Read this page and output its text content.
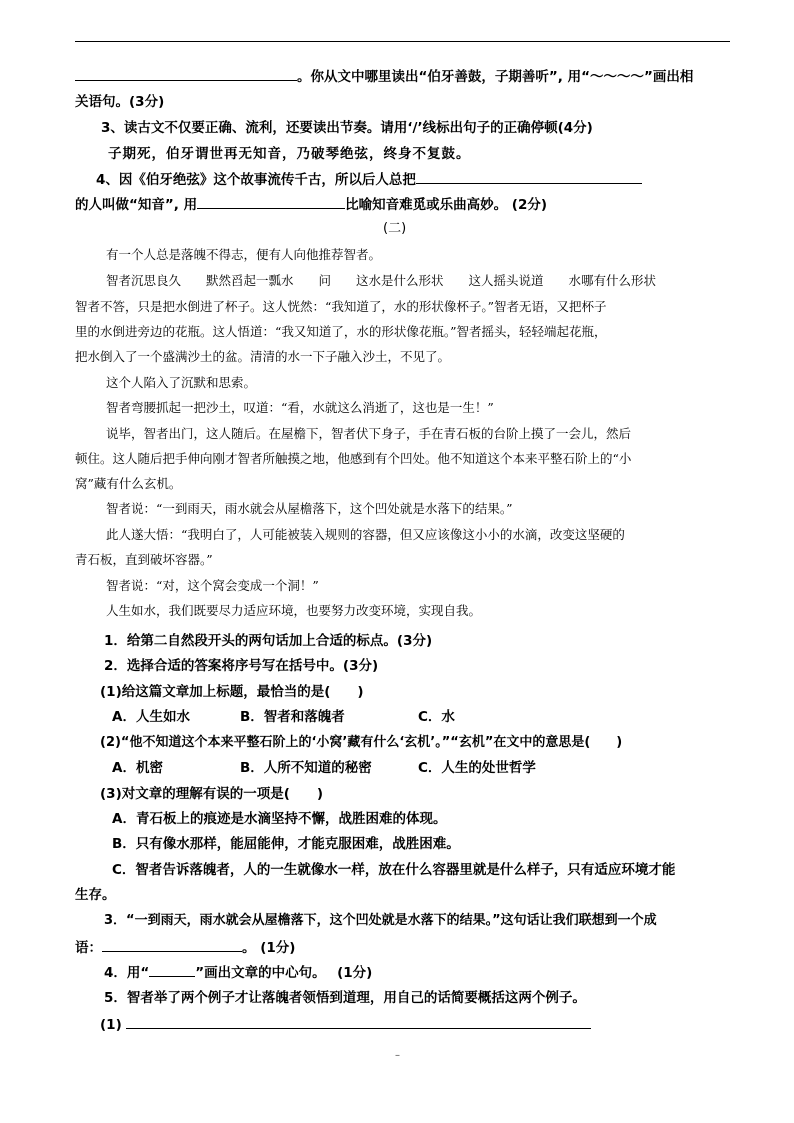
。你从文中哪里读出“伯牙善鼓，子期善听”, 用“～～～～”画出相
关语句。(3分)
3、读古文不仅要正确、流利，还要读出节奏。请用‘/’线标出句子的正确停顿(4分)
子期死，伯牙谓世再无知音，乃破琴绝弦，终身不复鼓。
4、因《伯牙绝弦》这个故事流传千古，所以后人总把
的人叫做“知音”, 用	比喻知音难觅或乐曲高妙。 (2分)
(二)
有一个人总是落魄不得志，便有人向他推荐智者。
智者沉思良久　　默然舀起一瓢水　　问　　这水是什么形状　　这人摇头说道　　水哪有什么形状
智者不答，只是把水倒进了杯子。这人恍然：“我知道了，水的形状像杯子。”智者无语，又把杯子
里的水倒进旁边的花瓶。这人悟道：“我又知道了，水的形状像花瓶。”智者摇头，轻轻端起花瓶，
把水倒入了一个盛满沙土的盆。清清的水一下子融入沙土，不见了。
这个人陷入了沉默和思索。
智者弯腰抓起一把沙土，叹道：“看，水就这么消逝了，这也是一生！”
说毕，智者出门，这人随后。在屋檐下，智者伏下身子，手在青石板的台阶上摸了一会儿，然后
顿住。这人随后把手伸向刚才智者所触摸之地，他感到有个凹处。他不知道这个本来平整石阶上的“小
窝”藏有什么玄机。
智者说：“一到雨天，雨水就会从屋檐落下，这个凹处就是水落下的结果。”
此人遂大悟：“我明白了，人可能被装入规则的容器，但又应该像这小小的水滴，改变这坚硬的
青石板，直到破坏容器。”
智者说：“对，这个窝会变成一个洞！”
人生如水，我们既要尽力适应环境，也要努力改变环境，实现自我。
1．给第二自然段开头的两句话加上合适的标点。(3分)
2．选择合适的答案将序号写在括号中。(3分)
(1)给这篇文章加上标题，最恰当的是(　　)
A．人生如水	B．智者和落魄者	C．水
(2)“他不知道这个本来平整石阶上的‘小窝’藏有什么‘玄机’。”“玄机”在文中的意思是(　　)
A．机密	B．人所不知道的秘密	C．人生的处世哲学
(3)对文章的理解有误的一项是(　　)
A．青石板上的痕迹是水滴坚持不懈，战胜困难的体现。
B．只有像水那样，能屈能伸，才能克服困难，战胜困难。
C．智者告诉落魄者，人的一生就像水一样，放在什么容器里就是什么样子，只有适应环境才能
生存。
3．“一到雨天，雨水就会从屋檐落下，这个凹处就是水落下的结果。”这句话让我们联想到一个成
语：	。 (1分)
4．用“	”画出文章的中心句。　 (1分)
5．智者举了两个例子才让落魄者领悟到道理，用自己的话简要概括这两个例子。
(1)
–
